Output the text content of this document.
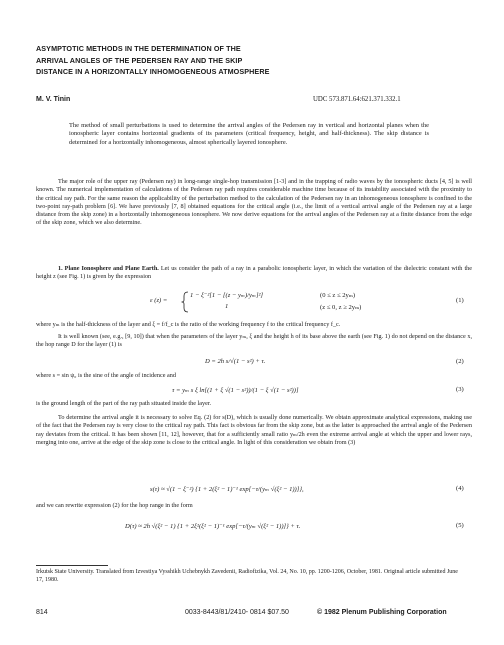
ASYMPTOTIC METHODS IN THE DETERMINATION OF THE
ARRIVAL ANGLES OF THE PEDERSEN RAY AND THE SKIP
DISTANCE IN A HORIZONTALLY INHOMOGENEOUS ATMOSPHERE
M. V. Tinin	UDC 573.871.64:621.371.332.1
The method of small perturbations is used to determine the arrival angles of the Pedersen ray in vertical and horizontal planes when the ionospheric layer contains horizontal gradients of its parameters (critical frequency, height, and half-thickness). The skip distance is determined for a horizontally inhomogeneous, almost spherically layered ionosphere.
The major role of the upper ray (Pedersen ray) in long-range single-hop transmission [1-3] and in the trapping of radio waves by the ionospheric ducts [4, 5] is well known. The numerical implementation of calculations of the Pedersen ray path requires considerable machine time because of its instability associated with the proximity to the critical ray path. For the same reason the applicability of the perturbation method to the calculation of the Pedersen ray in an inhomogeneous ionosphere is confined to the two-point ray-path problem [6]. We have previously [7, 8] obtained equations for the critical angle (i.e., the limit of a vertical arrival angle of the Pedersen ray at a large distance from the skip zone) in a horizontally inhomogeneous ionosphere. We now derive equations for the arrival angles of the Pedersen ray at a finite distance from the edge of the skip zone, which we also determine.
1. Plane Ionosphere and Plane Earth. Let us consider the path of a ray in a parabolic ionospheric layer, in which the variation of the dielectric constant with the height z (see Fig. 1) is given by the expression
ε (z) =
1 − ξ⁻²[1 − [(z − yₘ)/yₘ]²]
1
(0 ≤ z ≤ 2yₘ)
(z ≤ 0, z ≥ 2yₘ)
(1)
where yₘ is the half-thickness of the layer and ξ = f/f_c is the ratio of the working frequency f to the critical frequency f_c.
It is well known (see, e.g., [9, 10]) that when the parameters of the layer yₘ, ξ and the height h of its base above the earth (see Fig. 1) do not depend on the distance x, the hop range D for the layer (1) is
D = 2h s/√(1 − s²) + τ.	(2)
where s = sin ψ₀ is the sine of the angle of incidence and
τ = yₘ s ξ ln[(1 + ξ √(1 − s²))/(1 − ξ √(1 − s²))]	(3)
is the ground length of the part of the ray path situated inside the layer.
To determine the arrival angle it is necessary to solve Eq. (2) for s(D), which is usually done numerically. We obtain approximate analytical expressions, making use of the fact that the Pedersen ray is very close to the critical ray path. This fact is obvious far from the skip zone, but as the latter is approached the arrival angle of the Pedersen ray deviates from the critical. It has been shown [11, 12], however, that for a sufficiently small ratio yₘ/2h even the extreme arrival angle at which the upper and lower rays, merging into one, arrive at the edge of the skip zone is close to the critical angle. In light of this consideration we obtain from (3)
s(τ) ≈ √(1 − ξ⁻²) {1 + 2(ξ² − 1)⁻¹ exp[−τ/(yₘ √(ξ² − 1))]},	(4)
and we can rewrite expression (2) for the hop range in the form
D(τ) ≈ 2h √(ξ² − 1) {1 + 2ξ²(ξ² − 1)⁻¹ exp[−τ/(yₘ √(ξ² − 1))]} + τ.	(5)
Irkutsk State University. Translated from Izvestiya Vysshikh Uchebnykh Zavedenii, Radiofizika, Vol. 24, No. 10, pp. 1200-1206, October, 1981. Original article submitted June 17, 1980.
814	0033-8443/81/2410- 0814 $07.50	© 1982 Plenum Publishing Corporation
